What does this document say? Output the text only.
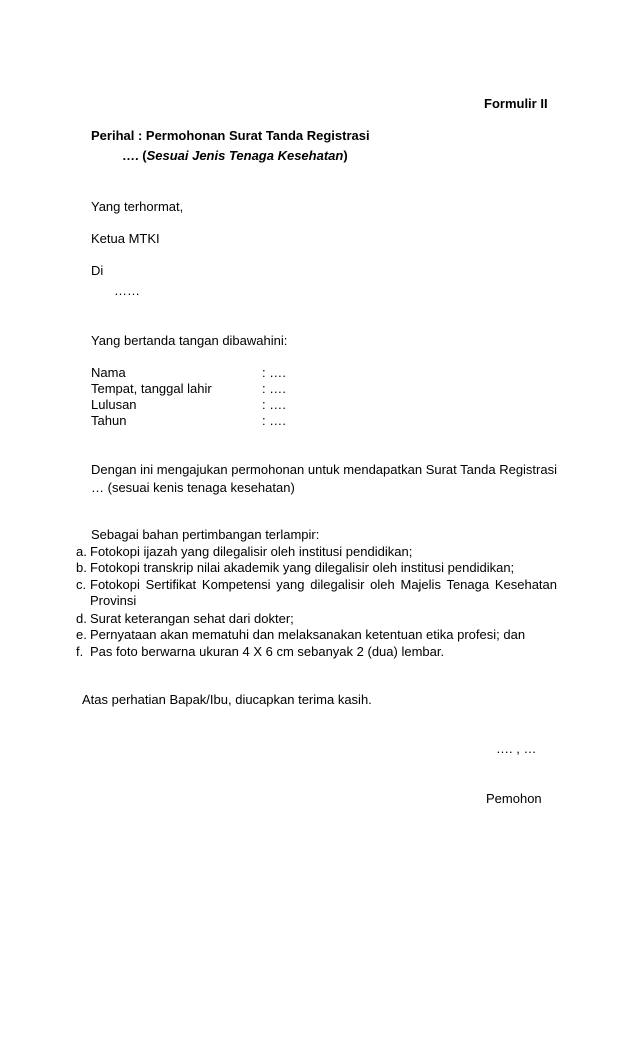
Formulir II
Perihal : Permohonan Surat Tanda Registrasi
…. (Sesuai Jenis Tenaga Kesehatan)
Yang terhormat,
Ketua MTKI
Di
……
Yang bertanda tangan dibawahini:
Nama	: ….
Tempat, tanggal lahir	: ….
Lulusan	: ….
Tahun	: ….
Dengan ini mengajukan permohonan untuk mendapatkan Surat Tanda Registrasi
… (sesuai kenis tenaga kesehatan)
Sebagai bahan pertimbangan terlampir:
a. Fotokopi ijazah yang dilegalisir oleh institusi pendidikan;
b. Fotokopi transkrip nilai akademik yang dilegalisir oleh institusi pendidikan;
c. Fotokopi Sertifikat Kompetensi yang dilegalisir oleh Majelis Tenaga Kesehatan
Provinsi
d. Surat keterangan sehat dari dokter;
e. Pernyataan akan mematuhi dan melaksanakan ketentuan etika profesi; dan
f. Pas foto berwarna ukuran 4 X 6 cm sebanyak 2 (dua) lembar.
Atas perhatian Bapak/Ibu, diucapkan terima kasih.
…. , …
Pemohon
